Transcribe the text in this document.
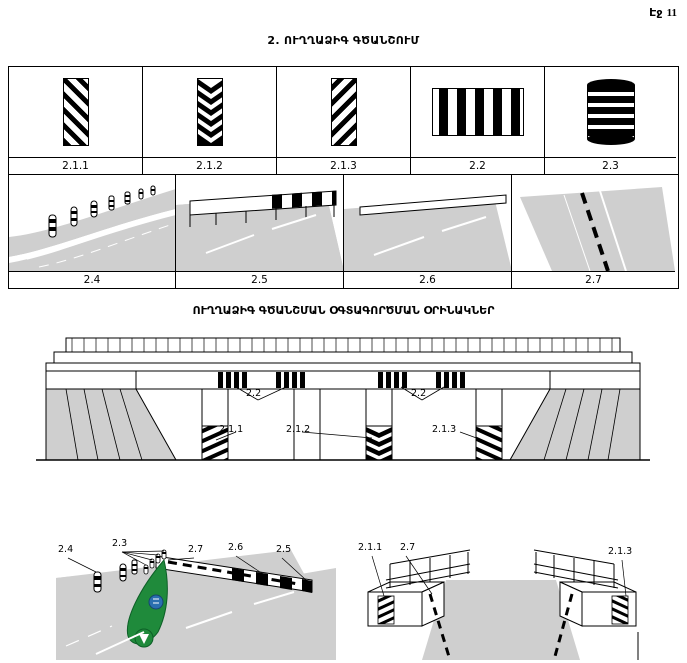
Էջ 11
2. ՈՒՂՂԱՁԻԳ ԳԾԱՆՇՈՒՄ
2.1.1	2.1.2	2.1.3	2.2	2.3
2.4	2.5	2.6	2.7
ՈՒՂՂԱՁԻԳ ԳԾԱՆՇՄԱՆ ՕԳՏԱԳՈՐԾՄԱՆ ՕՐԻՆԱԿՆԵՐ
2.2	2.2
2.1.1	2.1.2	2.1.3
2.4
2.3
2.7	2.6	2.5	2.1.1 2.7	2.1.3
